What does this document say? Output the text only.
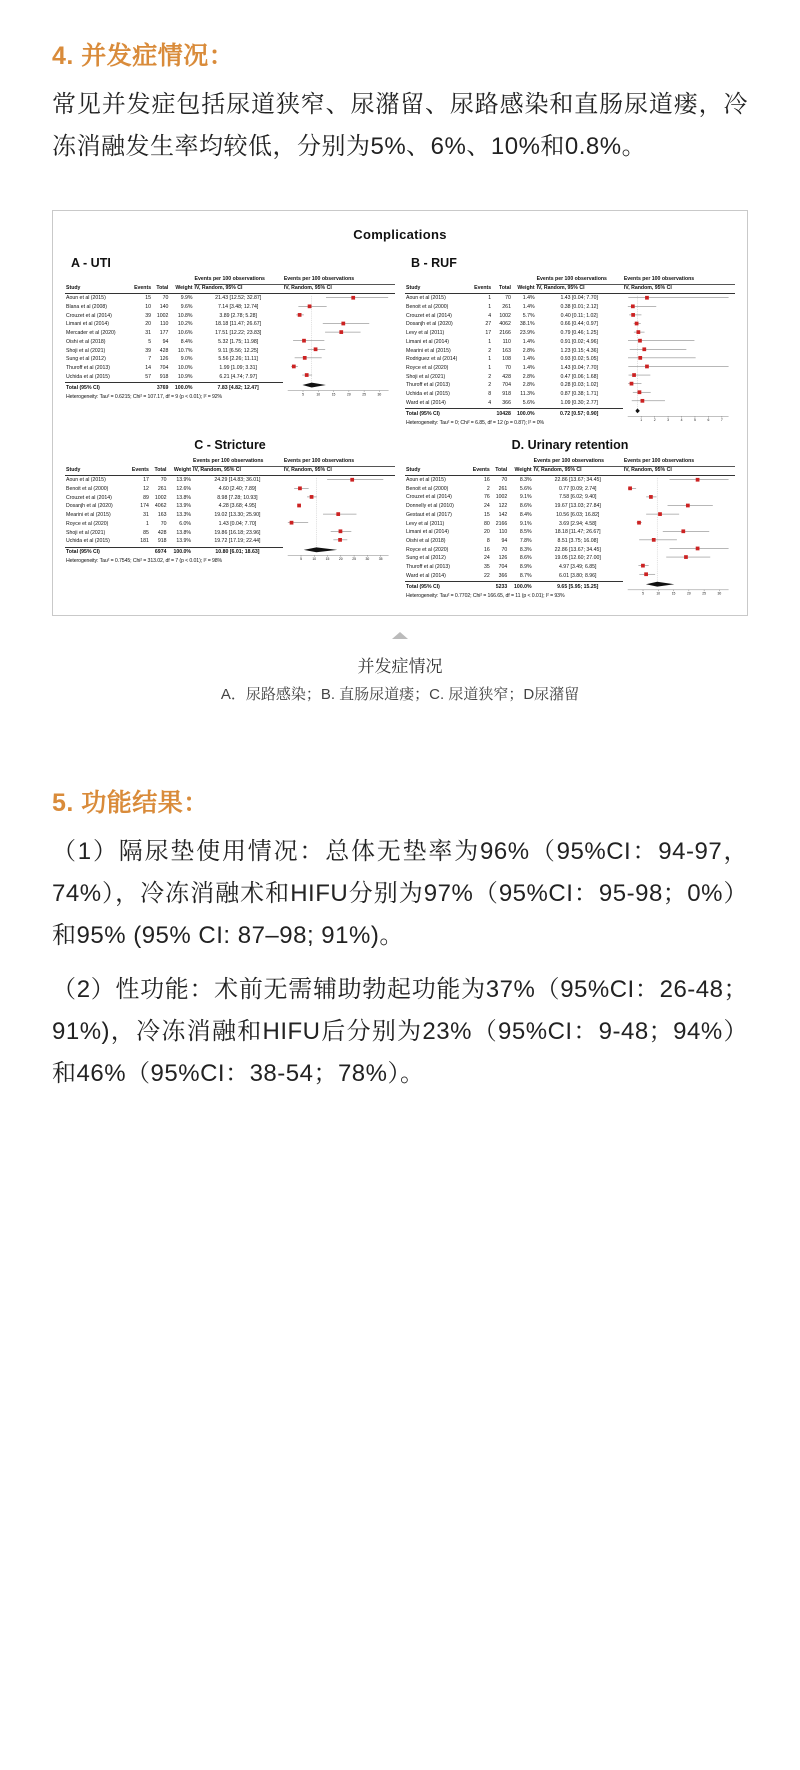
4. 并发症情况：

常见并发症包括尿道狭窄、尿潴留、尿路感染和直肠尿道瘘，冷冻消融发生率均较低，分别为5%、6%、10%和0.8%。

Complications
A - UTI
				Events per 100 observations	Events per 100 observations
Study	Events	Total	Weight	IV, Random, 95% CI	IV, Random, 95% CI
Aoun et al (2015)	15	70	9.9%	21.43 [12.52; 32.87]	
5	10	15	20	25	30

Blana et al (2008)	10	140	9.6%	7.14 [3.48; 12.74]	
Crouzet et al (2014)	39	1002	10.8%	3.89 [2.78; 5.28]	
Limani et al (2014)	20	110	10.2%	18.18 [11.47; 26.67]	
Mercader et al (2020)	31	177	10.6%	17.51 [12.22; 23.83]	
Oishi et al (2018)	5	94	8.4%	5.32 [1.75; 11.98]	
Shoji et al (2021)	39	428	10.7%	9.11 [6.56; 12.25]	
Sung et al (2012)	7	126	9.0%	5.56 [2.26; 11.11]	
Thuroff et al (2013)	14	704	10.0%	1.99 [1.09; 3.31]	
Uchida et al (2015)	57	918	10.9%	6.21 [4.74; 7.97]	
Total (95% CI)		3769	100.0%	7.83 [4.82; 12.47]	
Heterogeneity: Tau² = 0.6215; Chi² = 107.17, df = 9 (p < 0.01); I² = 92%					
B - RUF
				Events per 100 observations	Events per 100 observations
Study	Events	Total	Weight	IV, Random, 95% CI	IV, Random, 95% CI
Aoun et al (2015)	1	70	1.4%	1.43 [0.04; 7.70]	
1	2	3	4	5	6	7

Benoit et al (2000)	1	261	1.4%	0.38 [0.01; 2.12]	
Crouzet et al (2014)	4	1002	5.7%	0.40 [0.11; 1.02]	
Dosanjh et al (2020)	27	4062	38.1%	0.66 [0.44; 0.97]	
Levy et al (2011)	17	2166	23.9%	0.79 [0.46; 1.25]	
Limani et al (2014)	1	110	1.4%	0.91 [0.02; 4.96]	
Mearini et al (2015)	2	163	2.8%	1.23 [0.15; 4.36]	
Rodriguez et al (2014)	1	108	1.4%	0.93 [0.02; 5.05]	
Royce et al (2020)	1	70	1.4%	1.43 [0.04; 7.70]	
Shoji et al (2021)	2	428	2.8%	0.47 [0.06; 1.68]	
Thuroff et al (2013)	2	704	2.8%	0.28 [0.03; 1.02]	
Uchida et al (2015)	8	918	11.3%	0.87 [0.38; 1.71]	
Ward et al (2014)	4	366	5.6%	1.09 [0.30; 2.77]	
Total (95% CI)		10428	100.0%	0.72 [0.57; 0.90]	
Heterogeneity: Tau² = 0; Chi² = 6.85, df = 12 (p = 0.87); I² = 0%					
C - Stricture
				Events per 100 observations	Events per 100 observations
Study	Events	Total	Weight	IV, Random, 95% CI	IV, Random, 95% CI
Aoun et al (2015)	17	70	13.9%	24.29 [14.83; 36.01]	
5	10	15	20	25	30	35

Benoit et al (2000)	12	261	12.6%	4.60 [2.40; 7.89]	
Crouzet et al (2014)	89	1002	13.8%	8.98 [7.28; 10.93]	
Dosanjh et al (2020)	174	4062	13.9%	4.28 [3.68; 4.95]	
Mearini et al (2015)	31	163	13.3%	19.02 [13.30; 25.90]	
Royce et al (2020)	1	70	6.0%	1.43 [0.04; 7.70]	
Shoji et al (2021)	85	428	13.8%	19.86 [16.18; 23.96]	
Uchida et al (2015)	181	918	13.9%	19.72 [17.19; 22.44]	
Total (95% CI)		6974	100.0%	10.80 [6.01; 18.63]	
Heterogeneity: Tau² = 0.7545; Chi² = 313.02, df = 7 (p < 0.01); I² = 98%					
D. Urinary retention
				Events per 100 observations	Events per 100 observations
Study	Events	Total	Weight	IV, Random, 95% CI	IV, Random, 95% CI
Aoun et al (2015)	16	70	8.3%	22.86 [13.67; 34.45]	
5	10	15	20	25	30

Benoit et al (2000)	2	261	5.6%	0.77 [0.09; 2.74]	
Crouzet et al (2014)	76	1002	9.1%	7.58 [6.02; 9.40]	
Donnelly et al (2010)	24	122	8.6%	19.67 [13.03; 27.84]	
Gestaut et al (2017)	15	142	8.4%	10.56 [6.03; 16.82]	
Levy et al (2011)	80	2166	9.1%	3.69 [2.94; 4.58]	
Limani et al (2014)	20	110	8.5%	18.18 [11.47; 26.67]	
Oishi et al (2018)	8	94	7.8%	8.51 [3.75; 16.08]	
Royce et al (2020)	16	70	8.3%	22.86 [13.67; 34.45]	
Sung et al (2012)	24	126	8.6%	19.05 [12.60; 27.00]	
Thuroff et al (2013)	35	704	8.9%	4.97 [3.49; 6.85]	
Ward et al (2014)	22	366	8.7%	6.01 [3.80; 8.96]	
Total (95% CI)		5233	100.0%	9.65 [5.95; 15.25]	
Heterogeneity: Tau² = 0.7702; Chi² = 166.65, df = 11 (p < 0.01); I² = 93%					
并发症情况
A．尿路感染；B. 直肠尿道瘘；C. 尿道狭窄；D尿潴留
5. 功能结果：

（1）隔尿垫使用情况：总体无垫率为96%（95%CI：94-97，74%），冷冻消融术和HIFU分别为97%（95%CI：95-98；0%）和95% (95% CI: 87–98; 91%)。

（2）性功能：术前无需辅助勃起功能为37%（95%CI：26-48；91%)，冷冻消融和HIFU后分别为23%（95%CI：9-48；94%）和46%（95%CI：38-54；78%）。
